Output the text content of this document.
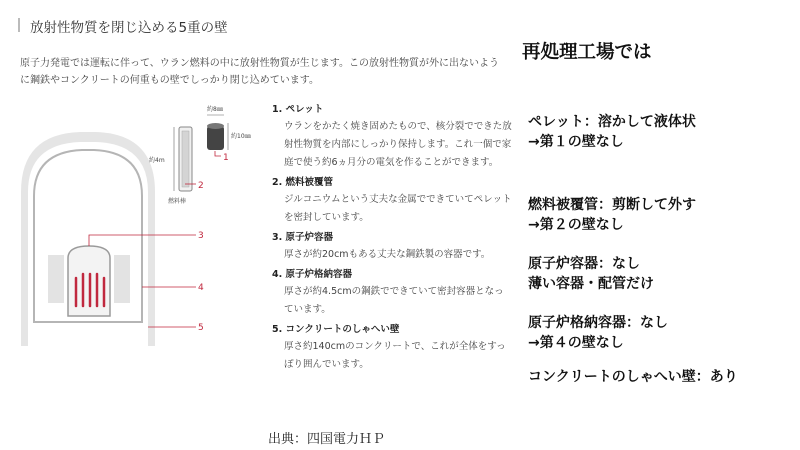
放射性物質を閉じ込める5重の壁
原子力発電では運転に伴って、ウラン燃料の中に放射性物質が生じます。この放射性物質が外に出ないように鋼鉄やコンクリートの何重もの壁でしっかり閉じ込めています。
約4m
燃料棒
約8㎜
約10㎜
1
2
3
4
5
1. ペレット
ウランをかたく焼き固めたもので、核分裂でできた放射性物質を内部にしっかり保持します。これ一個で家庭で使う約6ヵ月分の電気を作ることができます。
2. 燃料被覆管
ジルコニウムという丈夫な金属でできていてペレットを密封しています。
3. 原子炉容器
厚さが約20cmもある丈夫な鋼鉄製の容器です。
4. 原子炉格納容器
厚さが約4.5cmの鋼鉄でできていて密封容器となっています。
5. コンクリートのしゃへい壁
厚さ約140cmのコンクリートで、これが全体をすっぽり囲んでいます。
出典：四国電力ＨＰ
再処理工場では
ペレット：溶かして液体状
→第１の壁なし
燃料被覆管：剪断して外す
→第２の壁なし
原子炉容器：なし
薄い容器・配管だけ
原子炉格納容器：なし
→第４の壁なし
コンクリートのしゃへい壁：あり
